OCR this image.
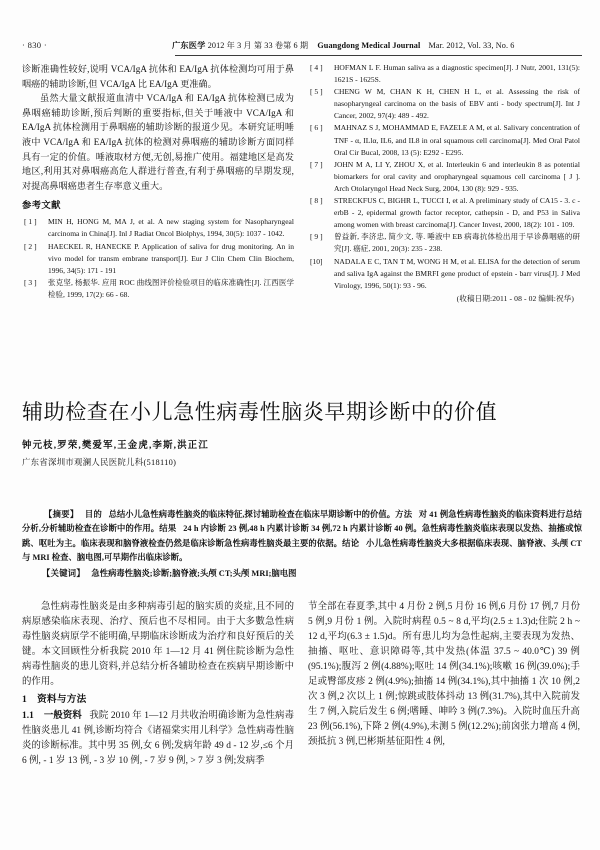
· 830 ·	广东医学 2012 年 3 月 第 33 卷第 6 期 Guangdong Medical Journal Mar. 2012, Vol. 33, No. 6

诊断准确性较好,说明 VCA/IgA 抗体和 EA/IgA 抗体检测均可用于鼻咽癌的辅助诊断,但 VCA/IgA 比 EA/IgA 更准确。

虽然大量文献报道血清中 VCA/IgA 和 EA/IgA 抗体检测已成为鼻咽癌辅助诊断,预后判断的重要指标,但关于唾液中 VCA/IgA 和 EA/IgA 抗体检测用于鼻咽癌的辅助诊断的报道少见。本研究证明唾液中 VCA/IgA 和 EA/IgA 抗体的检测对鼻咽癌的辅助诊断方面同样具有一定的价值。唾液取材方便,无创,易推广使用。福建地区是高发地区,利用其对鼻咽癌高危人群进行普查,有利于鼻咽癌的早期发现,对提高鼻咽癌患者生存率意义重大。

参考文献
[ 1 ]	MIN H, HONG M, MA J, et al. A new staging system for Nasopharyngeal carcinoma in China[J]. Inl J Radiat Oncol Biolphys, 1994, 30(5): 1037 - 1042.
[ 2 ]	HAECKEL R, HANECKE P. Application of saliva for drug monitoring. An in vivo model for transm embrane transport[J]. Eur J Clin Chem Clin Biochem, 1996, 34(5): 171 - 191
[ 3 ]	张克坚, 杨振华. 应用 ROC 曲线图评价检验项目的临床准确性[J]. 江西医学检验, 1999, 17(2): 66 - 68.
[ 4 ]	HOFMAN L F. Human saliva as a diagnostic specimen[J]. J Nutr, 2001, 131(5): 1621S - 1625S.
[ 5 ]	CHENG W M, CHAN K H, CHEN H L, et al. Assessing the risk of nasopharyngeal carcinoma on the basis of EBV anti - body spectrum[J]. Int J Cancer, 2002, 97(4): 489 - 492.
[ 6 ]	MAHNAZ S J, MOHAMMAD E, FAZELE A M, et al. Salivary concentration of TNF - α, ILlα, IL6, and IL8 in oral squamous cell carcinoma[J]. Med Oral Patol Oral Cir Bucal, 2008, 13 (5): E292 - E295.
[ 7 ]	JOHN M A, LI Y, ZHOU X, et al. Interleukin 6 and interleukin 8 as potential biomarkers for oral cavity and oropharyngeal squamous cell carcinoma [ J ]. Arch Otolaryngol Head Neck Surg, 2004, 130 (8): 929 - 935.
[ 8 ]	STRECKFUS C, BIGHR L, TUCCI I, et al. A preliminary study of CA15 - 3. c - erbB - 2, epidermal growth factor receptor, cathepsin - D, and P53 in Saliva among women with breast carcinoma[J]. Cancer Invest, 2000, 18(2): 101 - 109.
[ 9 ]	曾益新, 李济忠, 简少文, 等. 唾液中 EB 病毒抗体检出用于早诊鼻咽癌的研究[J]. 癌症, 2001, 20(3): 235 - 238.
[10]	NADALA E C, TAN T M, WONG H M, et al. ELISA for the detection of serum and saliva IgA against the BMRFI gene product of epstein - barr virus[J]. J Med Virology, 1996, 50(1): 93 - 96.
(收稿日期:2011 - 08 - 02 编辑:祝华)
辅助检查在小儿急性病毒性脑炎早期诊断中的价值
钟元枝,罗荣,樊爱军,王金虎,李斯,洪正江
广东省深圳市观澜人民医院儿科(518110)
【摘要】 目的 总结小儿急性病毒性脑炎的临床特征,探讨辅助检查在临床早期诊断中的价值。方法 对 41 例急性病毒性脑炎的临床资料进行总结分析,分析辅助检查在诊断中的作用。结果 24 h 内诊断 23 例,48 h 内累计诊断 34 例,72 h 内累计诊断 40 例。急性病毒性脑炎临床表现以发热、抽搐或惊跳、呕吐为主。临床表现和脑脊液检查仍然是临床诊断急性病毒性脑炎最主要的依据。结论 小儿急性病毒性脑炎大多根据临床表现、脑脊液、头颅 CT 与 MRI 检查、脑电图,可早期作出临床诊断。
【关键词】 急性病毒性脑炎;诊断;脑脊液;头颅 CT;头颅 MRI;脑电图

急性病毒性脑炎是由多种病毒引起的脑实质的炎症,且不同的病原感染临床表现、治疗、预后也不尽相同。由于大多數急性病毒性脑炎病原学不能明确,早期临床诊断成为治疗和良好预后的关键。本文回顾性分析我院 2010 年 1—12 月 41 例住院诊断为急性病毒性脑炎的患儿资料,并总结分析各辅助检查在疾病早期诊断中的作用。

1 资料与方法

1.1 一般资料 我院 2010 年 1—12 月共收治明确诊断为急性病毒性脑炎患儿 41 例,诊断均符合《诸福棠实用儿科学》急性病毒性脑炎的诊断标准。其中男 35 例,女 6 例;发病年龄 49 d - 12 岁,≤6 个月 6 例, - 1 岁 13 例, - 3 岁 10 例, - 7 岁 9 例, > 7 岁 3 例;发病季

节全部在春夏季,其中 4 月份 2 例,5 月份 16 例,6 月份 17 例,7 月份 5 例,9 月份 1 例。入院时病程 0.5 ~ 8 d,平均(2.5 ± 1.3)d;住院 2 h ~ 12 d,平均(6.3 ± 1.5)d。所有患儿均为急性起病,主要表现为发热、抽搐、呕吐、意识障碍等,其中发热(体温 37.5 ~ 40.0℃) 39 例(95.1%);腹泻 2 例(4.88%);呕吐 14 例(34.1%);咳嗽 16 例(39.0%);手足或臀部皮疹 2 例(4.9%);抽搐 14 例(34.1%),其中抽搐 1 次 10 例,2 次 3 例,2 次以上 1 例;惊跳或肢体抖动 13 例(31.7%),其中入院前发生 7 例,入院后发生 6 例;嗜睡、呻吟 3 例(7.3%)。入院时血压升高 23 例(56.1%),下降 2 例(4.9%),未测 5 例(12.2%);前囟张力增高 4 例,颈抵抗 3 例,巴彬斯基征阳性 4 例,
